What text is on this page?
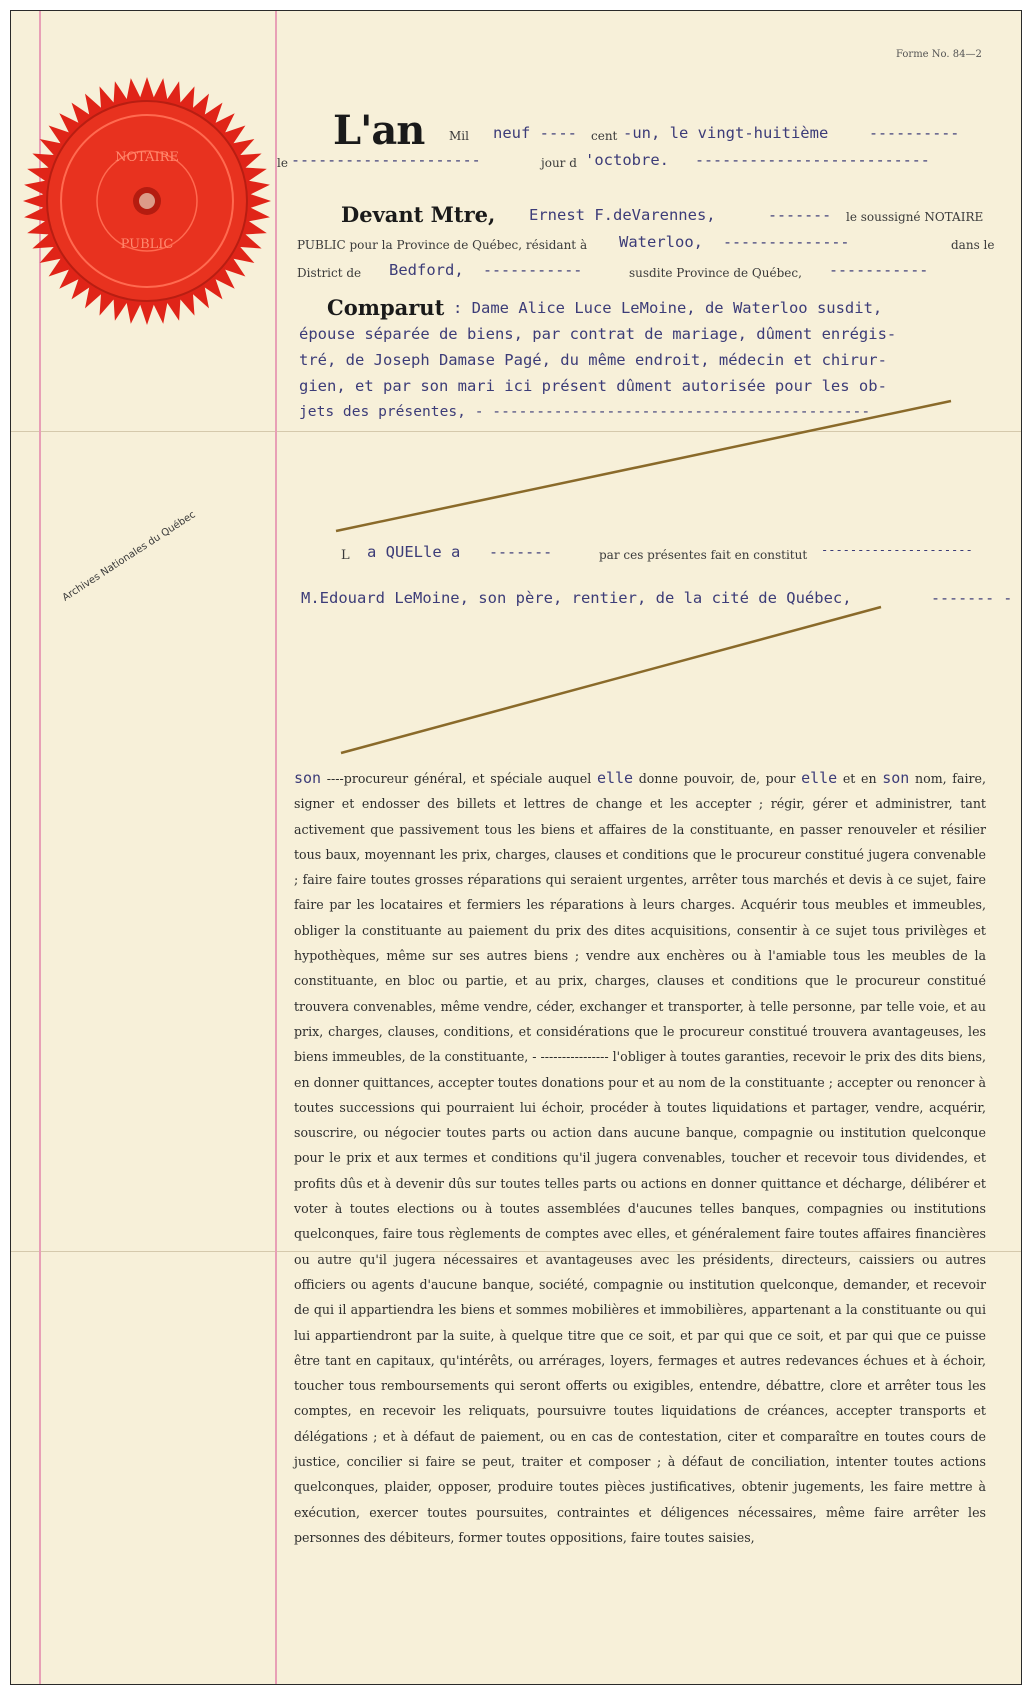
NOTAIRE
PUBLIC
Forme No. 84—2
L'an Mil neuf ---- cent -un, le vingt-huitième	----------
le ---------------------	jour d 'octobre. --------------------------
Devant Mtre, Ernest F.deVarennes,	------- le soussigné NOTAIRE
PUBLIC pour la Province de Québec, résidant à Waterloo, --------------	dans le
District de Bedford, -----------	susdite Province de Québec, -----------
Comparut : Dame Alice Luce LeMoine, de Waterloo susdit,
épouse séparée de biens, par contrat de mariage, dûment enrégis-
tré, de Joseph Damase Pagé, du même endroit, médecin et chirur-
gien, et par son mari ici présent dûment autorisée pour les ob-
jets des présentes, - -------------------------------------------
L a QUELle a -------	par ces présentes fait en constitut ---------------------
M.Edouard LeMoine, son père, rentier, de la cité de Québec,	------- -
Archives Nationales du Québec

son ----procureur général, et spéciale auquel elle donne pouvoir, de, pour elle et en son nom, faire, signer et endosser des billets et lettres de change et les accepter ; régir, gérer et administrer, tant activement que passivement tous les biens et affaires de la constituante, en passer renouveler et résilier tous baux, moyennant les prix, charges, clauses et conditions que le procureur constitué jugera convenable ; faire faire toutes grosses réparations qui seraient urgentes, arrêter tous marchés et devis à ce sujet, faire faire par les locataires et fermiers les réparations à leurs charges. Acquérir tous meubles et immeubles, obliger la constituante au paiement du prix des dites acquisitions, consentir à ce sujet tous privilèges et hypothèques, même sur ses autres biens ; vendre aux enchères ou à l'amiable tous les meubles de la constituante, en bloc ou partie, et au prix, charges, clauses et conditions que le procureur constitué trouvera convenables, même vendre, céder, exchanger et transporter, à telle personne, par telle voie, et au prix, charges, clauses, conditions, et considérations que le procureur constitué trouvera avantageuses, les biens immeubles, de la constituante, - ---------------- l'obliger à toutes garanties, recevoir le prix des dits biens, en donner quittances, accepter toutes donations pour et au nom de la constituante ; accepter ou renoncer à toutes successions qui pourraient lui échoir, procéder à toutes liquidations et partager, vendre, acquérir, souscrire, ou négocier toutes parts ou action dans aucune banque, compagnie ou institution quelconque pour le prix et aux termes et conditions qu'il jugera convenables, toucher et recevoir tous dividendes, et profits dûs et à devenir dûs sur toutes telles parts ou actions en donner quittance et décharge, délibérer et voter à toutes elections ou à toutes assemblées d'aucunes telles banques, compagnies ou institutions quelconques, faire tous règlements de comptes avec elles, et généralement faire toutes affaires financières ou autre qu'il jugera nécessaires et avantageuses avec les présidents, directeurs, caissiers ou autres officiers ou agents d'aucune banque, société, compagnie ou institution quelconque, demander, et recevoir de qui il appartiendra les biens et sommes mobilières et immobilières, appartenant a la constituante ou qui lui appartiendront par la suite, à quelque titre que ce soit, et par qui que ce soit, et par qui que ce puisse être tant en capitaux, qu'intérêts, ou arrérages, loyers, fermages et autres redevances échues et à échoir, toucher tous remboursements qui seront offerts ou exigibles, entendre, débattre, clore et arrêter tous les comptes, en recevoir les reliquats, poursuivre toutes liquidations de créances, accepter transports et délégations ; et à défaut de paiement, ou en cas de contestation, citer et comparaître en toutes cours de justice, concilier si faire se peut, traiter et composer ; à défaut de conciliation, intenter toutes actions quelconques, plaider, opposer, produire toutes pièces justificatives, obtenir jugements, les faire mettre à exécution, exercer toutes poursuites, contraintes et déligences nécessaires, même faire arrêter les personnes des débiteurs, former toutes oppositions, faire toutes saisies,
